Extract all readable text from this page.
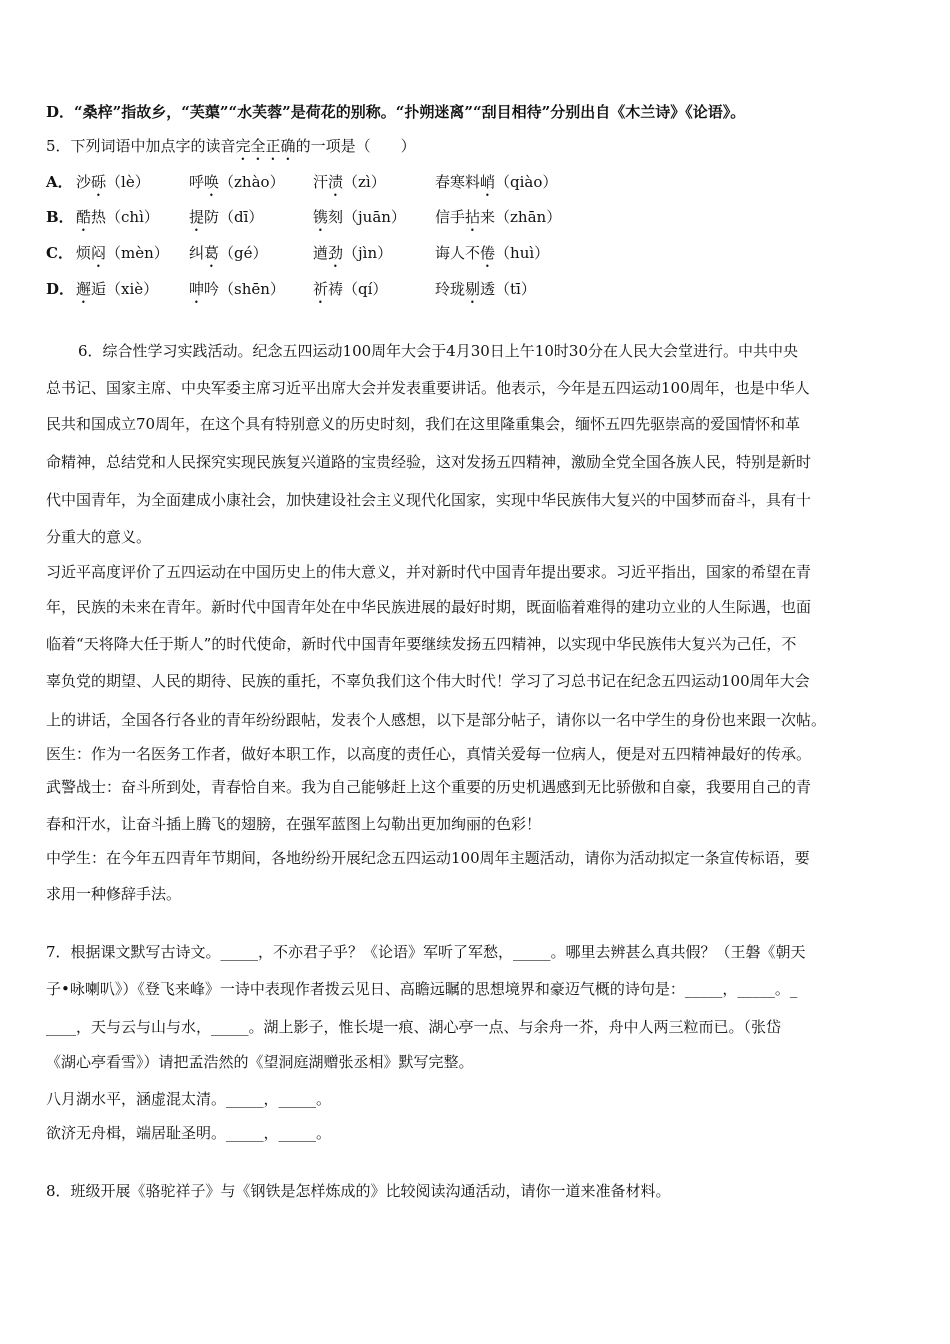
D．“桑梓”指故乡，“芙蕖”“水芙蓉”是荷花的别称。“扑朔迷离”“刮目相待”分别出自《木兰诗》《论语》。
5．下列词语中加点字的读音完全正确的一项是（　　）
A． 沙砾（lè）	呼唤（zhào） 汗渍（zì）	春寒料峭（qiào）
B． 酷热（chì） 提防（dī）	镌刻（juān） 信手拈来（zhān）
C． 烦闷（mèn） 纠葛（gé）	遒劲（jìn）	诲人不倦（huì）
D． 邂逅（xiè） 呻吟（shēn） 祈祷（qí）	玲珑剔透（tī）
6．综合性学习实践活动。纪念五四运动100周年大会于4月30日上午10时30分在人民大会堂进行。中共中央
总书记、国家主席、中央军委主席习近平出席大会并发表重要讲话。他表示，今年是五四运动100周年，也是中华人
民共和国成立70周年，在这个具有特别意义的历史时刻，我们在这里隆重集会，缅怀五四先驱崇高的爱国情怀和革
命精神，总结党和人民探究实现民族复兴道路的宝贵经验，这对发扬五四精神，激励全党全国各族人民，特别是新时
代中国青年，为全面建成小康社会，加快建设社会主义现代化国家，实现中华民族伟大复兴的中国梦而奋斗，具有十
分重大的意义。
习近平高度评价了五四运动在中国历史上的伟大意义，并对新时代中国青年提出要求。习近平指出，国家的希望在青
年，民族的未来在青年。新时代中国青年处在中华民族进展的最好时期，既面临着难得的建功立业的人生际遇，也面
临着“天将降大任于斯人”的时代使命，新时代中国青年要继续发扬五四精神，以实现中华民族伟大复兴为己任，不
辜负党的期望、人民的期待、民族的重托，不辜负我们这个伟大时代！学习了习总书记在纪念五四运动100周年大会
上的讲话，全国各行各业的青年纷纷跟帖，发表个人感想，以下是部分帖子，请你以一名中学生的身份也来跟一次帖。
医生：作为一名医务工作者，做好本职工作，以高度的责任心，真情关爱每一位病人，便是对五四精神最好的传承。
武警战士：奋斗所到处，青春恰自来。我为自己能够赶上这个重要的历史机遇感到无比骄傲和自豪，我要用自己的青
春和汗水，让奋斗插上腾飞的翅膀，在强军蓝图上勾勒出更加绚丽的色彩！
中学生：在今年五四青年节期间，各地纷纷开展纪念五四运动100周年主题活动，请你为活动拟定一条宣传标语，要
求用一种修辞手法。
7．根据课文默写古诗文。_____，不亦君子乎？《论语》军听了军愁，_____。哪里去辨甚么真共假？（王磐《朝天
子•咏喇叭》）《登飞来峰》一诗中表现作者拨云见日、高瞻远瞩的思想境界和豪迈气概的诗句是：_____，_____。_
____，天与云与山与水，_____。湖上影子，惟长堤一痕、湖心亭一点、与余舟一芥，舟中人两三粒而已。（张岱
《湖心亭看雪》）请把孟浩然的《望洞庭湖赠张丞相》默写完整。
八月湖水平，涵虚混太清。_____，_____。
欲济无舟楫，端居耻圣明。_____，_____。
8．班级开展《骆驼祥子》与《钢铁是怎样炼成的》比较阅读沟通活动，请你一道来准备材料。
